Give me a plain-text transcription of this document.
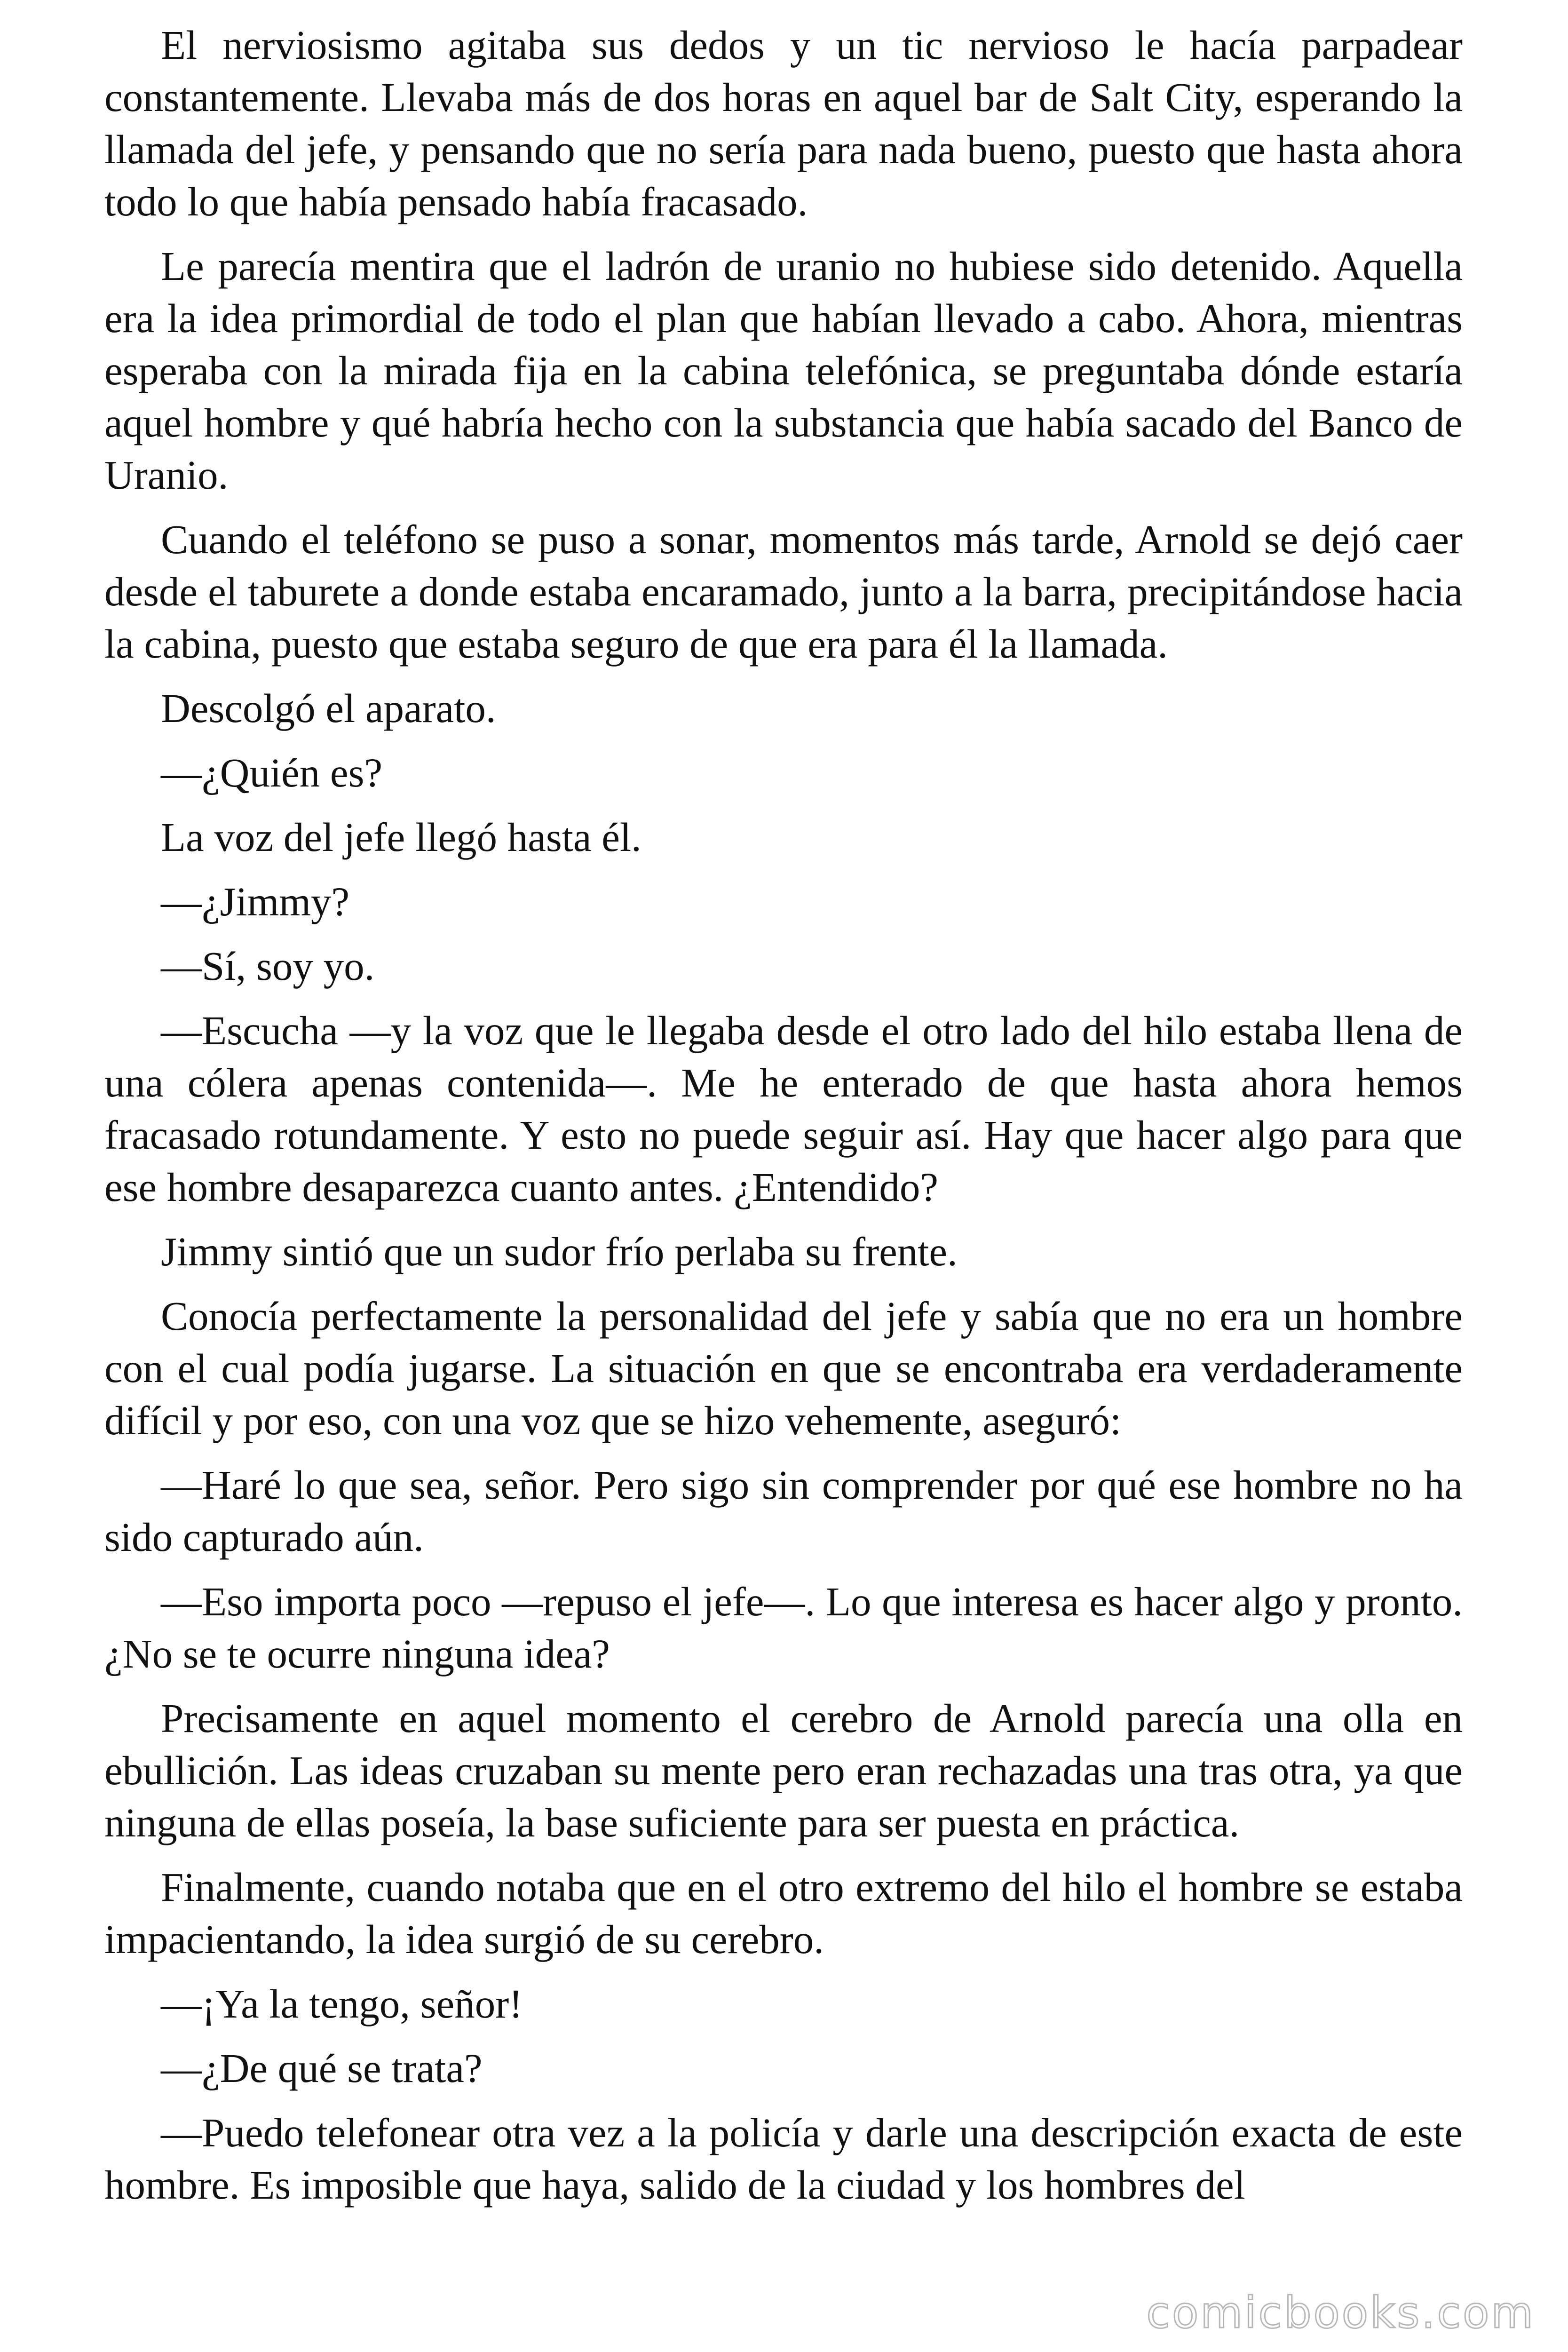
El nerviosismo agitaba sus dedos y un tic nervioso le hacía parpadear constantemente. Llevaba más de dos horas en aquel bar de Salt City, esperando la llamada del jefe, y pensando que no sería para nada bueno, puesto que hasta ahora todo lo que había pensado había fracasado.

Le parecía mentira que el ladrón de uranio no hubiese sido detenido. Aquella era la idea primordial de todo el plan que habían llevado a cabo. Ahora, mientras esperaba con la mirada fija en la cabina telefónica, se preguntaba dónde estaría aquel hombre y qué habría hecho con la substancia que había sacado del Banco de Uranio.

Cuando el teléfono se puso a sonar, momentos más tarde, Arnold se dejó caer desde el taburete a donde estaba encaramado, junto a la barra, precipitándose hacia la cabina, puesto que estaba seguro de que era para él la llamada.

Descolgó el aparato.

—¿Quién es?

La voz del jefe llegó hasta él.

—¿Jimmy?

—Sí, soy yo.

—Escucha —y la voz que le llegaba desde el otro lado del hilo estaba llena de una cólera apenas contenida—. Me he enterado de que hasta ahora hemos fracasado rotundamente. Y esto no puede seguir así. Hay que hacer algo para que ese hombre desaparezca cuanto antes. ¿Entendido?

Jimmy sintió que un sudor frío perlaba su frente.

Conocía perfectamente la personalidad del jefe y sabía que no era un hombre con el cual podía jugarse. La situación en que se encontraba era verdaderamente difícil y por eso, con una voz que se hizo vehemente, aseguró:

—Haré lo que sea, señor. Pero sigo sin comprender por qué ese hombre no ha sido capturado aún.

—Eso importa poco —repuso el jefe—. Lo que interesa es hacer algo y pronto. ¿No se te ocurre ninguna idea?

Precisamente en aquel momento el cerebro de Arnold parecía una olla en ebullición. Las ideas cruzaban su mente pero eran rechazadas una tras otra, ya que ninguna de ellas poseía, la base suficiente para ser puesta en práctica.

Finalmente, cuando notaba que en el otro extremo del hilo el hombre se estaba impacientando, la idea surgió de su cerebro.

—¡Ya la tengo, señor!

—¿De qué se trata?

—Puedo telefonear otra vez a la policía y darle una descripción exacta de este hombre. Es imposible que haya, salido de la ciudad y los hombres del

comicbooks.com
